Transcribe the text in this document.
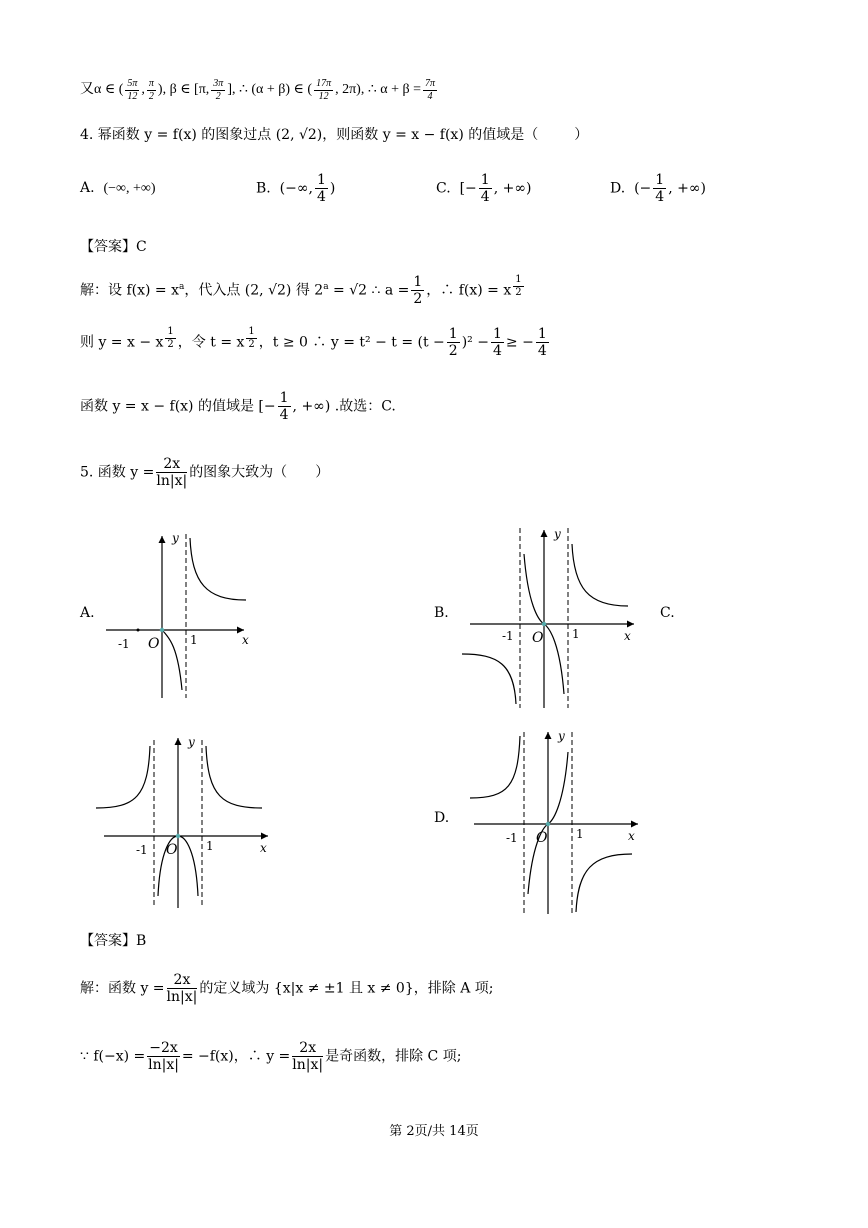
又α ∈ ( $\frac{5\pi}{12}$ , $\frac{\pi}{2}$ ), β ∈ [π, $\frac{3\pi}{2}$ ], ∴ (α + β) ∈ ( $\frac{17\pi}{12}$ , 2π), ∴ $\alpha + \beta = \frac{7\pi}{4}$
4. 幂函数 y = f(x) 的图象过点 (2, √2)，则函数 y = x − f(x) 的值域是（	）
A. (−∞, +∞)	B. (−∞, $\frac{1}{4}$ )	C. [− $\frac{1}{4}$ , +∞)	D. (− $\frac{1}{4}$ , +∞)
【答案】C
解：设 $f(x) = x^a$，代入点 (2, √2) 得 $2^a = √2$ ∴ $a = \frac{1}{2}$ ，∴ f(x) = x $^{\frac{1}{2}}$
则 y = x − x $^{\frac{1}{2}}$ ，令 t = x $^{\frac{1}{2}}$ ，t ≥ 0 ∴ $y = t^2 - t = (t - \frac{1}{2} )^2 - \frac{1}{4}$ ≥ − $\frac{1}{4}$
函数 y = x − f(x) 的值域是 [− $\frac{1}{4}$ , +∞) .故选：C.
5. 函数 $y = \frac{2x}{\ln|x|}$ 的图象大致为（ ）
A.
y
x
O
-1	1
B.
y
x
O
-1	1
C.
y
x
O
-1	1
D.
y
x
O
-1	1
【答案】B
解：函数 $y = \frac{2x}{\ln|x|}$ 的定义域为 {x|x ≠ ±1 且 x ≠ 0}，排除 A 项;
∵ $f(-x) = \frac{-2x}{\ln|x|} = -f(x)$，∴ $y = \frac{2x}{\ln|x|}$ 是奇函数，排除 C 项;
第 2页/共 14页
